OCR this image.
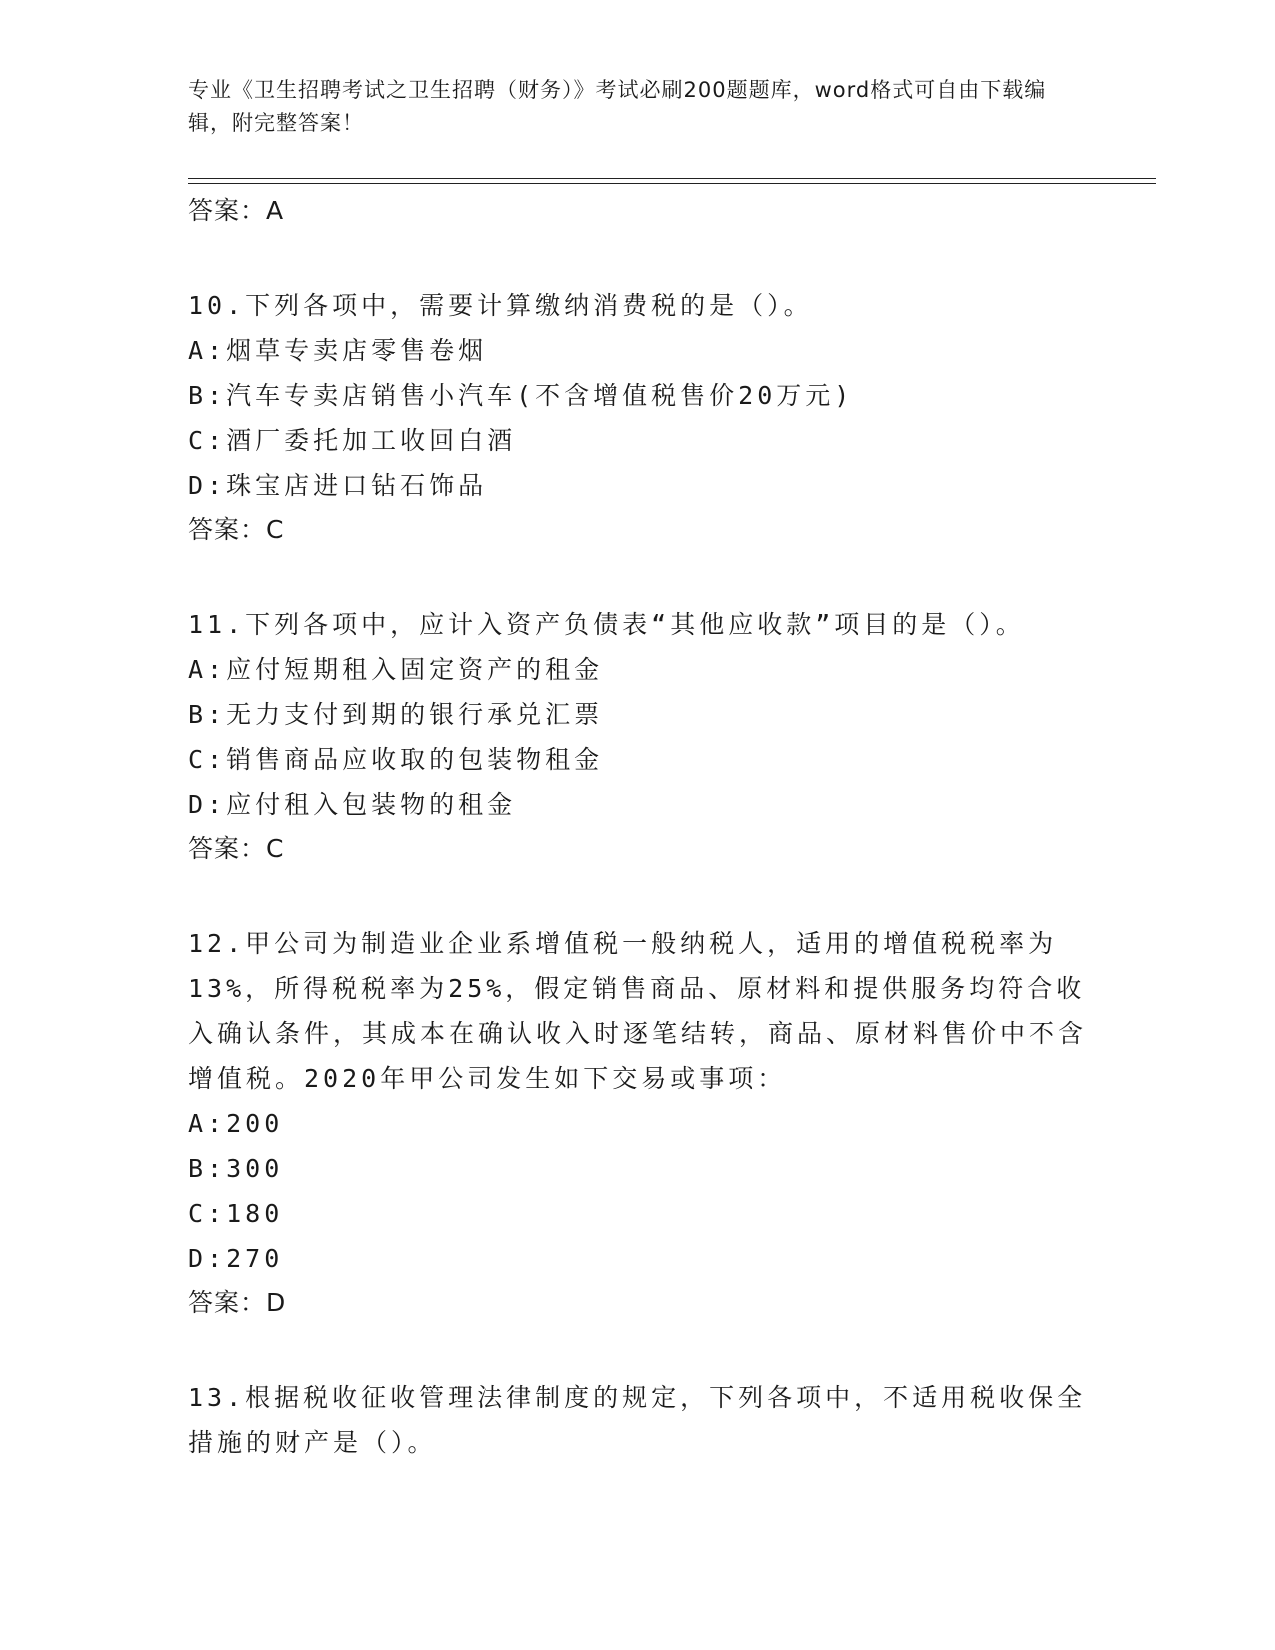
专业《卫生招聘考试之卫生招聘（财务）》考试必刷200题题库，word格式可自由下载编辑，附完整答案！
答案：A

10.下列各项中，需要计算缴纳消费税的是（）。

A:烟草专卖店零售卷烟
B:汽车专卖店销售小汽车(不含增值税售价20万元)
C:酒厂委托加工收回白酒
D:珠宝店进口钻石饰品
答案：C

11.下列各项中，应计入资产负债表“其他应收款”项目的是（）。

A:应付短期租入固定资产的租金
B:无力支付到期的银行承兑汇票
C:销售商品应收取的包装物租金
D:应付租入包装物的租金
答案：C

12.甲公司为制造业企业系增值税一般纳税人，适用的增值税税率为13%，所得税税率为25%，假定销售商品、原材料和提供服务均符合收入确认条件，其成本在确认收入时逐笔结转，商品、原材料售价中不含增值税。2020年甲公司发生如下交易或事项：

A:200
B:300
C:180
D:270
答案：D

13.根据税收征收管理法律制度的规定，下列各项中，不适用税收保全措施的财产是（）。
